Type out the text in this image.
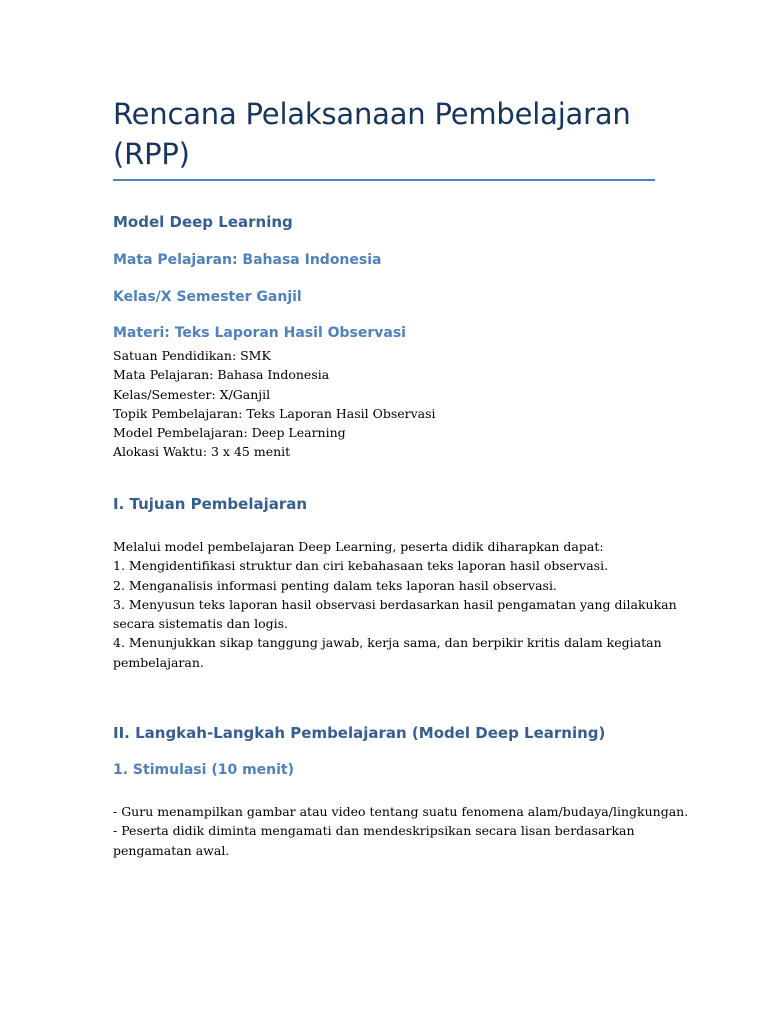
Rencana Pelaksanaan Pembelajaran
(RPP)
Model Deep Learning
Mata Pelajaran: Bahasa Indonesia
Kelas/X Semester Ganjil
Materi: Teks Laporan Hasil Observasi
Satuan Pendidikan: SMK
Mata Pelajaran: Bahasa Indonesia
Kelas/Semester: X/Ganjil
Topik Pembelajaran: Teks Laporan Hasil Observasi
Model Pembelajaran: Deep Learning
Alokasi Waktu: 3 x 45 menit
I. Tujuan Pembelajaran
Melalui model pembelajaran Deep Learning, peserta didik diharapkan dapat:
1. Mengidentifikasi struktur dan ciri kebahasaan teks laporan hasil observasi.
2. Menganalisis informasi penting dalam teks laporan hasil observasi.
3. Menyusun teks laporan hasil observasi berdasarkan hasil pengamatan yang dilakukan
secara sistematis dan logis.
4. Menunjukkan sikap tanggung jawab, kerja sama, dan berpikir kritis dalam kegiatan
pembelajaran.
II. Langkah-Langkah Pembelajaran (Model Deep Learning)
1. Stimulasi (10 menit)
- Guru menampilkan gambar atau video tentang suatu fenomena alam/budaya/lingkungan.
- Peserta didik diminta mengamati dan mendeskripsikan secara lisan berdasarkan
pengamatan awal.
